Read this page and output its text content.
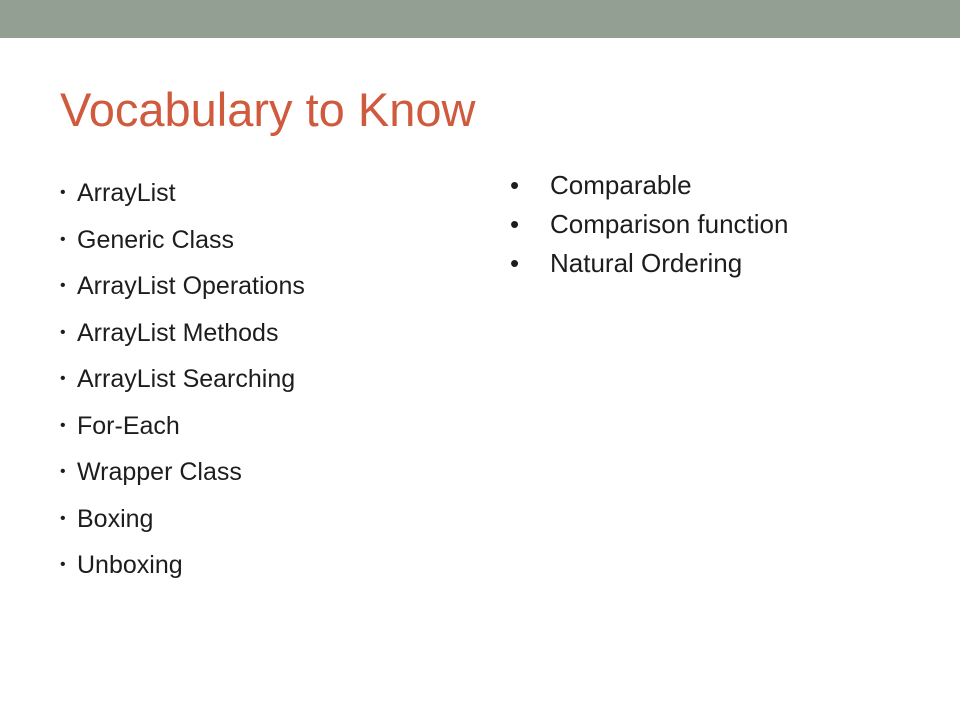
Vocabulary to Know
• ArrayList
• Generic Class
• ArrayList Operations
• ArrayList Methods
• ArrayList Searching
• For-Each
• Wrapper Class
• Boxing
• Unboxing
• Comparable
• Comparison function
• Natural Ordering
